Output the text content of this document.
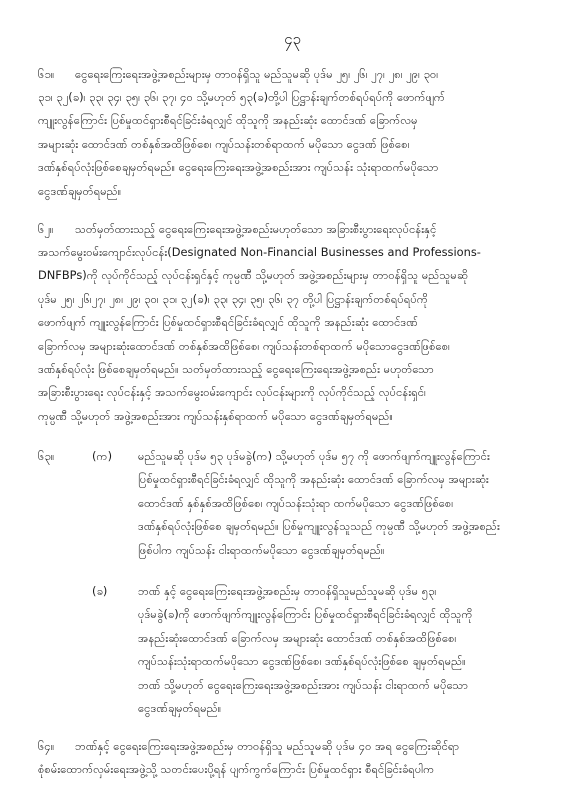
၄၃
၆၁။ ငွေရေးကြေးရေးအဖွဲ့အစည်းများမှ တာဝန်ရှိသူ မည်သူမဆို ပုဒ်မ ၂၅၊ ၂၆၊ ၂၇၊ ၂၈၊ ၂၉၊ ၃၀၊
၃၁၊ ၃၂(ခ)၊ ၃၃၊ ၃၄၊ ၃၅၊ ၃၆၊ ၃၇၊ ၄၀ သို့မဟုတ် ၅၃(ခ)တို့ပါ ပြဋ္ဌာန်းချက်တစ်ရပ်ရပ်ကို ဖောက်ဖျက်
ကျူးလွန်ကြောင်း ပြစ်မှုထင်ရှားစီရင်ခြင်းခံရလျှင် ထိုသူကို အနည်းဆုံး ထောင်ဒဏ် ခြောက်လမှ
အများဆုံး ထောင်ဒဏ် တစ်နှစ်အထိဖြစ်စေ၊ ကျပ်သန်းတစ်ရာထက် မပိုသော ငွေဒဏ် ဖြစ်စေ၊
ဒဏ်နှစ်ရပ်လုံးဖြစ်စေချမှတ်ရမည်။ ငွေရေးကြေးရေးအဖွဲ့အစည်းအား ကျပ်သန်း သုံးရာထက်မပိုသော
ငွေဒဏ်ချမှတ်ရမည်။
၆၂။ သတ်မှတ်ထားသည့် ငွေရေးကြေးရေးအဖွဲ့အစည်းမဟုတ်သော အခြားစီးပွားရေးလုပ်ငန်းနှင့်
အသက်မွေးဝမ်းကျောင်းလုပ်ငန်း(Designated Non-Financial Businesses and Professions-
DNFBPs)ကို လုပ်ကိုင်သည့် လုပ်ငန်းရှင်နှင့် ကုမ္ပဏီ သို့မဟုတ် အဖွဲ့အစည်းများမှ တာဝန်ရှိသူ မည်သူမဆို
ပုဒ်မ ၂၅၊ ၂၆၊၂၇၊ ၂၈၊ ၂၉၊ ၃၀၊ ၃၁၊ ၃၂(ခ)၊ ၃၃၊ ၃၄၊ ၃၅၊ ၃၆၊ ၃၇ တို့ပါ ပြဋ္ဌာန်းချက်တစ်ရပ်ရပ်ကို
ဖောက်ဖျက် ကျူးလွန်ကြောင်း ပြစ်မှုထင်ရှားစီရင်ခြင်းခံရလျှင် ထိုသူကို အနည်းဆုံး ထောင်ဒဏ်
ခြောက်လမှ အများဆုံးထောင်ဒဏ် တစ်နှစ်အထိဖြစ်စေ၊ ကျပ်သန်းတစ်ရာထက် မပိုသောငွေဒဏ်ဖြစ်စေ၊
ဒဏ်နှစ်ရပ်လုံး ဖြစ်စေချမှတ်ရမည်။ သတ်မှတ်ထားသည့် ငွေရေးကြေးရေးအဖွဲ့အစည်း မဟုတ်သော
အခြားစီးပွားရေး လုပ်ငန်းနှင့် အသက်မွေးဝမ်းကျောင်း လုပ်ငန်းများကို လုပ်ကိုင်သည့် လုပ်ငန်းရှင်၊
ကုမ္ပဏီ သို့မဟုတ် အဖွဲ့အစည်းအား ကျပ်သန်းနှစ်ရာထက် မပိုသော ငွေဒဏ်ချမှတ်ရမည်။
၆၃။	(က) မည်သူမဆို ပုဒ်မ ၅၃ ပုဒ်မခွဲ(က) သို့မဟုတ် ပုဒ်မ ၅၇ ကို ဖောက်ဖျက်ကျူးလွန်ကြောင်း
ပြစ်မှုထင်ရှားစီရင်ခြင်းခံရလျှင် ထိုသူကို အနည်းဆုံး ထောင်ဒဏ် ခြောက်လမှ အများဆုံး
ထောင်ဒဏ် နှစ်နှစ်အထိဖြစ်စေ၊ ကျပ်သန်းသုံးရာ ထက်မပိုသော ငွေဒဏ်ဖြစ်စေ၊
ဒဏ်နှစ်ရပ်လုံးဖြစ်စေ ချမှတ်ရမည်။ ပြစ်မှုကျူးလွန်သူသည် ကုမ္ပဏီ သို့မဟုတ် အဖွဲ့အစည်း
ဖြစ်ပါက ကျပ်သန်း ငါးရာထက်မပိုသော ငွေဒဏ်ချမှတ်ရမည်။
(ခ)	ဘဏ် နှင့် ငွေရေးကြေးရေးအဖွဲ့အစည်းမှ တာဝန်ရှိသူမည်သူမဆို ပုဒ်မ ၅၃၊
ပုဒ်မခွဲ(ခ)ကို ဖောက်ဖျက်ကျူးလွန်ကြောင်း ပြစ်မှုထင်ရှားစီရင်ခြင်းခံရလျှင် ထိုသူကို
အနည်းဆုံးထောင်ဒဏ် ခြောက်လမှ အများဆုံး ထောင်ဒဏ် တစ်နှစ်အထိဖြစ်စေ၊
ကျပ်သန်းသုံးရာထက်မပိုသော ငွေဒဏ်ဖြစ်စေ၊ ဒဏ်နှစ်ရပ်လုံးဖြစ်စေ ချမှတ်ရမည်။
ဘဏ် သို့မဟုတ် ငွေရေးကြေးရေးအဖွဲ့အစည်းအား ကျပ်သန်း ငါးရာထက် မပိုသော
ငွေဒဏ်ချမှတ်ရမည်။
၆၄။ ဘဏ်နှင့် ငွေရေးကြေးရေးအဖွဲ့အစည်းမှ တာဝန်ရှိသူ မည်သူမဆို ပုဒ်မ ၄၀ အရ ငွေကြေးဆိုင်ရာ
စုံစမ်းထောက်လှမ်းရေးအဖွဲ့သို့ သတင်းပေးပို့ရန် ပျက်ကွက်ကြောင်း ပြစ်မှုထင်ရှား စီရင်ခြင်းခံရပါက
